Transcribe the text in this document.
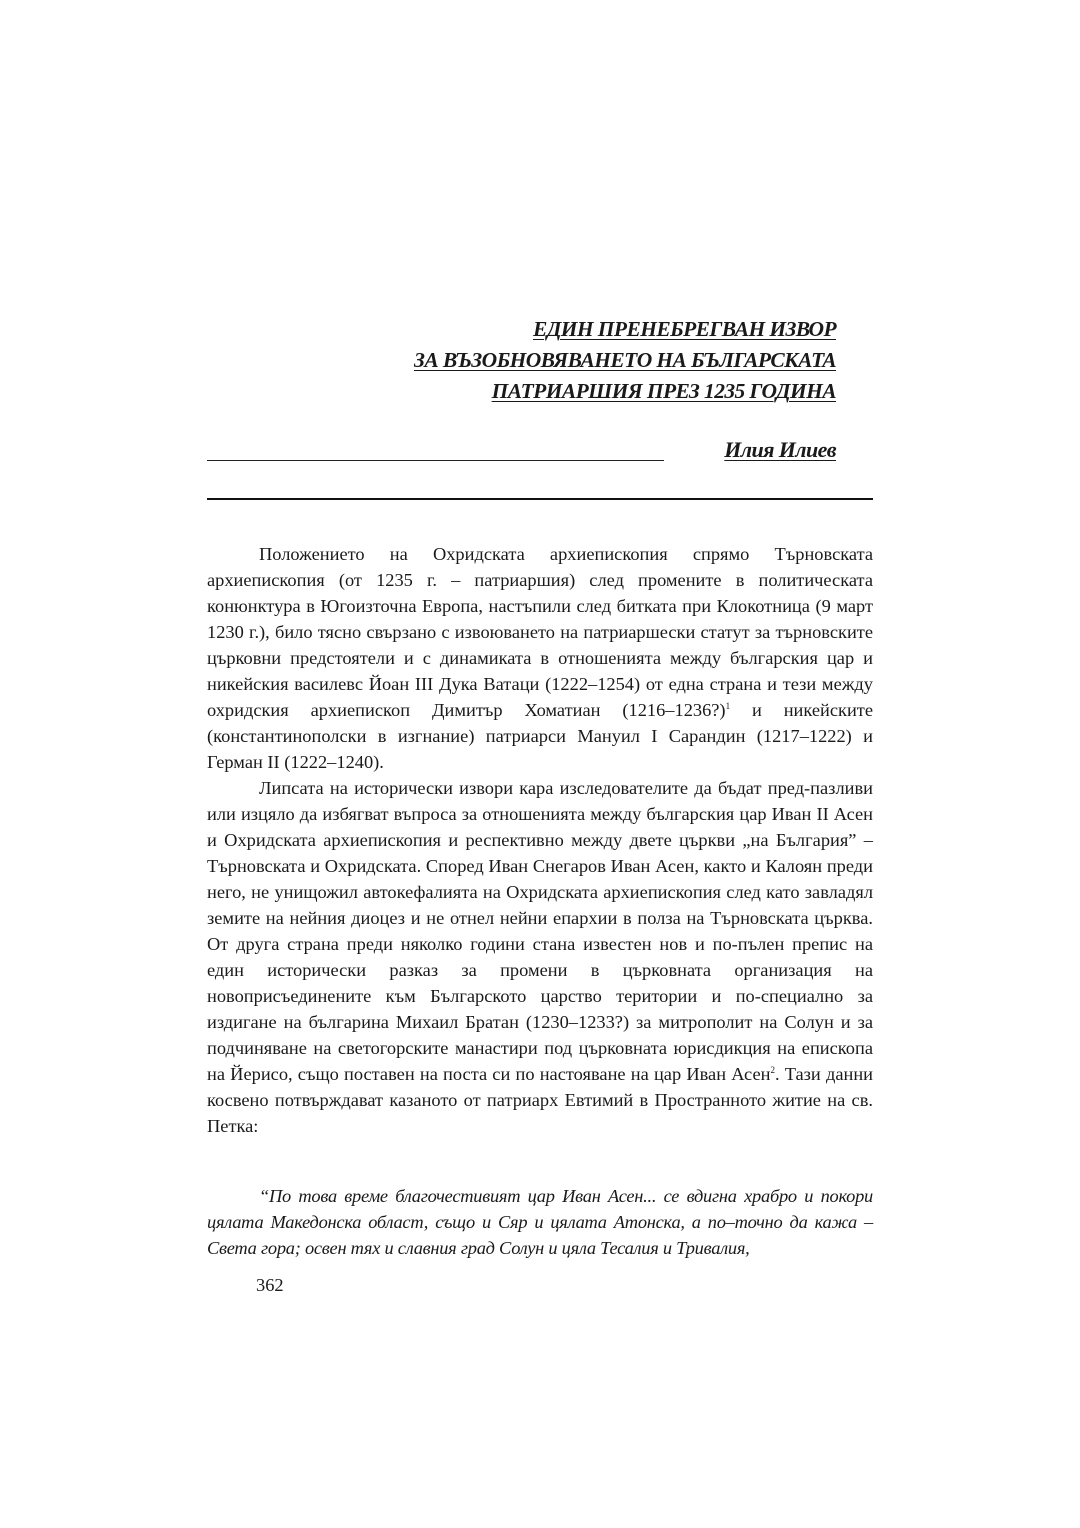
ЕДИН ПРЕНЕБРЕГВАН ИЗВОР
ЗА ВЪЗОБНОВЯВАНЕТО НА БЪЛГАРСКАТА
ПАТРИАРШИЯ ПРЕЗ 1235 ГОДИНА
Илия Илиев

Положението на Охридската архиепископия спрямо Търновската архиепископия (от 1235 г. – патриаршия) след промените в политическата конюнктура в Югоизточна Европа, настъпили след битката при Клокотница (9 март 1230 г.), било тясно свързано с извоюването на патриаршески статут за търновските църковни предстоятели и с динамиката в отношенията между българския цар и никейския василевс Йоан III Дука Ватаци (1222–1254) от една страна и тези между охридския архиепископ Димитър Хоматиан (1216–1236?)$^1$ и никейските (константинополски в изгнание) патриарси Мануил I Сарандин (1217–1222) и Герман II (1222–1240).

Липсата на исторически извори кара изследователите да бъдат пред-пазливи или изцяло да избягват въпроса за отношенията между българския цар Иван II Асен и Охридската архиепископия и респективно между двете църкви „на България” – Търновската и Охридската. Според Иван Снегаров Иван Асен, както и Калоян преди него, не унищожил автокефалията на Охридската архиепископия след като завладял земите на нейния диоцез и не отнел нейни епархии в полза на Търновската църква. От друга страна преди няколко години стана известен нов и по-пълен препис на един исторически разказ за промени в църковната организация на новоприсъединените към Българското царство територии и по-специално за издигане на българина Михаил Братан (1230–1233?) за митрополит на Солун и за подчиняване на светогорските манастири под църковната юрисдикция на епископа на Йерисо, също поставен на поста си по настояване на цар Иван Асен$^2$. Тази данни косвено потвърждават казаното от патриарх Евтимий в Пространното житие на св. Петка:

“По това време благочестивият цар Иван Асен... се вдигна храбро и покори цялата Македонска област, също и Сяр и цялата Атонска, а по–точно да кажа – Света гора; освен тях и славния град Солун и цяла Тесалия и Тривалия,
362
